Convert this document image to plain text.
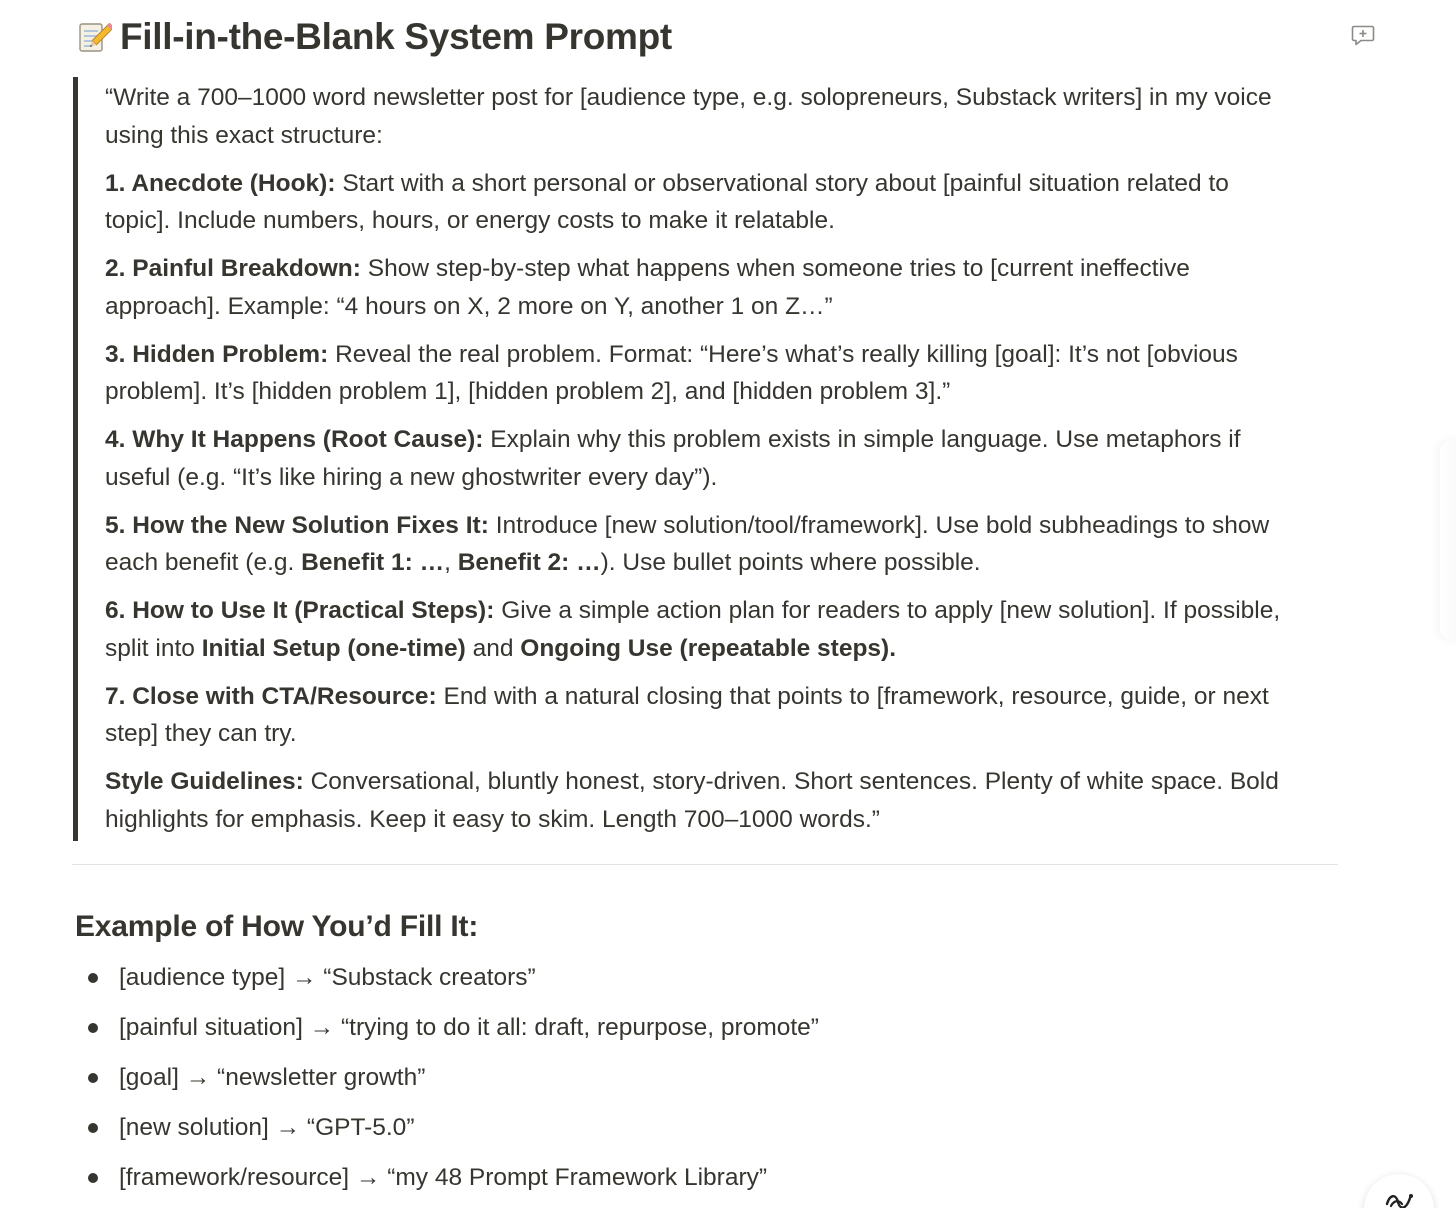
Fill-in-the-Blank System Prompt

“Write a 700–1000 word newsletter post for [audience type, e.g. solopreneurs, Substack writers] in my voice using this exact structure:

1. Anecdote (Hook): Start with a short personal or observational story about [painful situation related to topic]. Include numbers, hours, or energy costs to make it relatable.

2. Painful Breakdown: Show step-by-step what happens when someone tries to [current ineffective approach]. Example: “4 hours on X, 2 more on Y, another 1 on Z…”

3. Hidden Problem: Reveal the real problem. Format: “Here’s what’s really killing [goal]: It’s not [obvious problem]. It’s [hidden problem 1], [hidden problem 2], and [hidden problem 3].”

4. Why It Happens (Root Cause): Explain why this problem exists in simple language. Use metaphors if useful (e.g. “It’s like hiring a new ghostwriter every day”).

5. How the New Solution Fixes It: Introduce [new solution/tool/framework]. Use bold subheadings to show each benefit (e.g. Benefit 1: …, Benefit 2: …). Use bullet points where possible.

6. How to Use It (Practical Steps): Give a simple action plan for readers to apply [new solution]. If possible, split into Initial Setup (one-time) and Ongoing Use (repeatable steps).

7. Close with CTA/Resource: End with a natural closing that points to [framework, resource, guide, or next step] they can try.

Style Guidelines: Conversational, bluntly honest, story-driven. Short sentences. Plenty of white space. Bold highlights for emphasis. Keep it easy to skim. Length 700–1000 words.”

Example of How You’d Fill It:
[audience type] → “Substack creators”
[painful situation] → “trying to do it all: draft, repurpose, promote”
[goal] → “newsletter growth”
[new solution] → “GPT-5.0”
[framework/resource] → “my 48 Prompt Framework Library”
